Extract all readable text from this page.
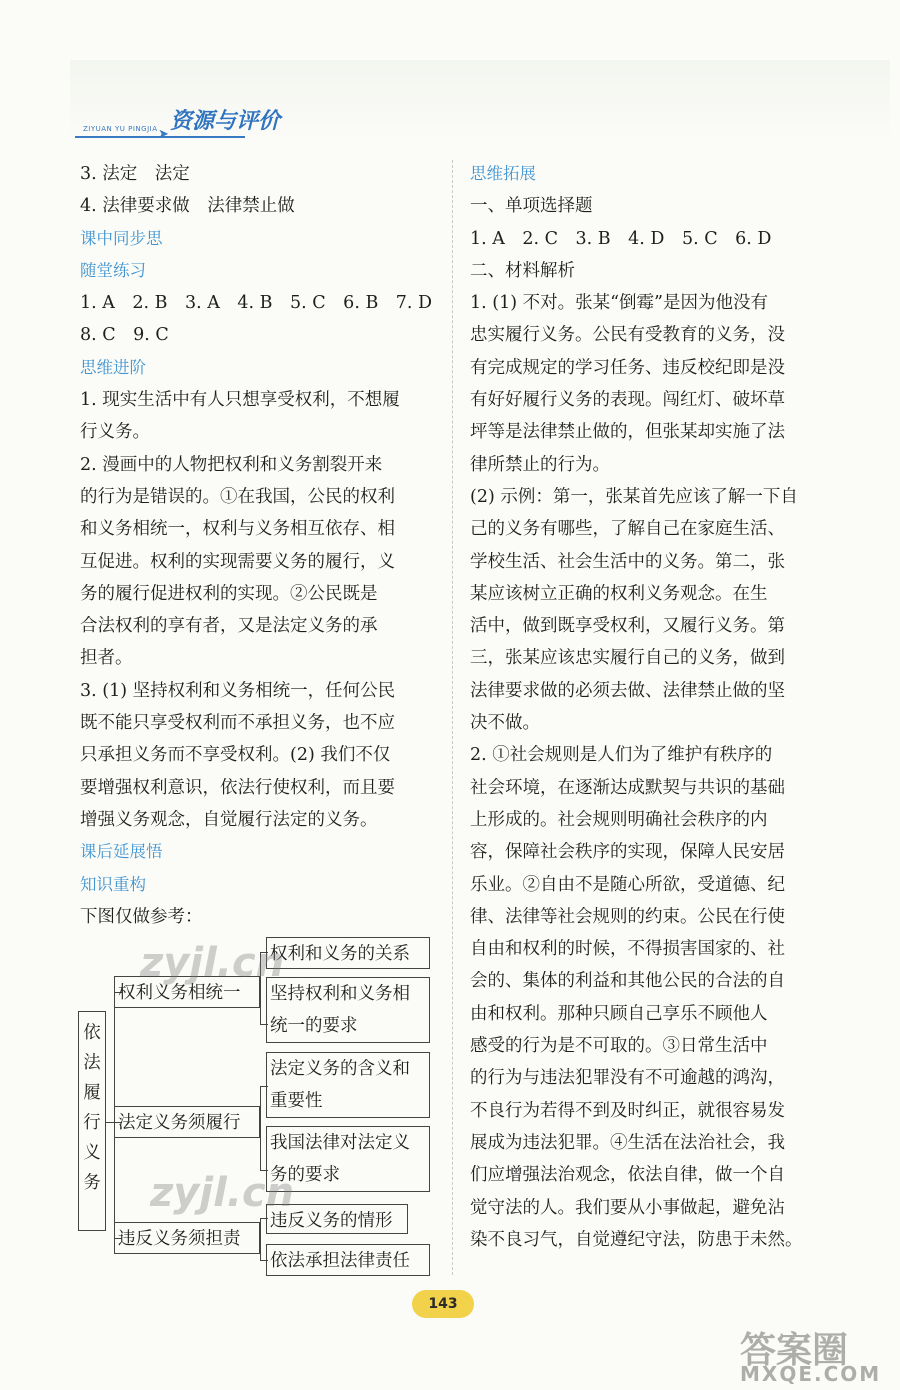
ZIYUAN YU PINGJIA ➤
资源与评价
3. 法定　法定
4. 法律要求做　法律禁止做
课中同步思
随堂练习
1. A　2. B　3. A　4. B　5. C　6. B　7. D
8. C　9. C
思维进阶
1. 现实生活中有人只想享受权利，不想履
行义务。
2. 漫画中的人物把权利和义务割裂开来
的行为是错误的。①在我国，公民的权利
和义务相统一，权利与义务相互依存、相
互促进。权利的实现需要义务的履行，义
务的履行促进权利的实现。②公民既是
合法权利的享有者，又是法定义务的承
担者。
3. (1) 坚持权利和义务相统一，任何公民
既不能只享受权利而不承担义务，也不应
只承担义务而不享受权利。(2) 我们不仅
要增强权利意识，依法行使权利，而且要
增强义务观念，自觉履行法定的义务。
课后延展悟
知识重构
下图仅做参考：
思维拓展
一、单项选择题
1. A　2. C　3. B　4. D　5. C　6. D
二、材料解析
1. (1) 不对。张某“倒霉”是因为他没有
忠实履行义务。公民有受教育的义务，没
有完成规定的学习任务、违反校纪即是没
有好好履行义务的表现。闯红灯、破坏草
坪等是法律禁止做的，但张某却实施了法
律所禁止的行为。
(2) 示例：第一，张某首先应该了解一下自
己的义务有哪些，了解自己在家庭生活、
学校生活、社会生活中的义务。第二，张
某应该树立正确的权利义务观念。在生
活中，做到既享受权利，又履行义务。第
三，张某应该忠实履行自己的义务，做到
法律要求做的必须去做、法律禁止做的坚
决不做。
2. ①社会规则是人们为了维护有秩序的
社会环境，在逐渐达成默契与共识的基础
上形成的。社会规则明确社会秩序的内
容，保障社会秩序的实现，保障人民安居
乐业。②自由不是随心所欲，受道德、纪
律、法律等社会规则的约束。公民在行使
自由和权利的时候，不得损害国家的、社
会的、集体的利益和其他公民的合法的自
由和权利。那种只顾自己享乐不顾他人
感受的行为是不可取的。③日常生活中
的行为与违法犯罪没有不可逾越的鸿沟，
不良行为若得不到及时纠正，就很容易发
展成为违法犯罪。④生活在法治社会，我
们应增强法治观念，依法自律，做一个自
觉守法的人。我们要从小事做起，避免沾
染不良习气，自觉遵纪守法，防患于未然。
依
法
履
行
义
务
权利义务相统一
权利和义务的关系
坚持权利和义务相
统一的要求
法定义务须履行
法定义务的含义和
重要性
我国法律对法定义
务的要求
违反义务须担责
违反义务的情形
依法承担法律责任
zyjl.cn
zyjl.cn
143
答案圈
MXQE.COM
